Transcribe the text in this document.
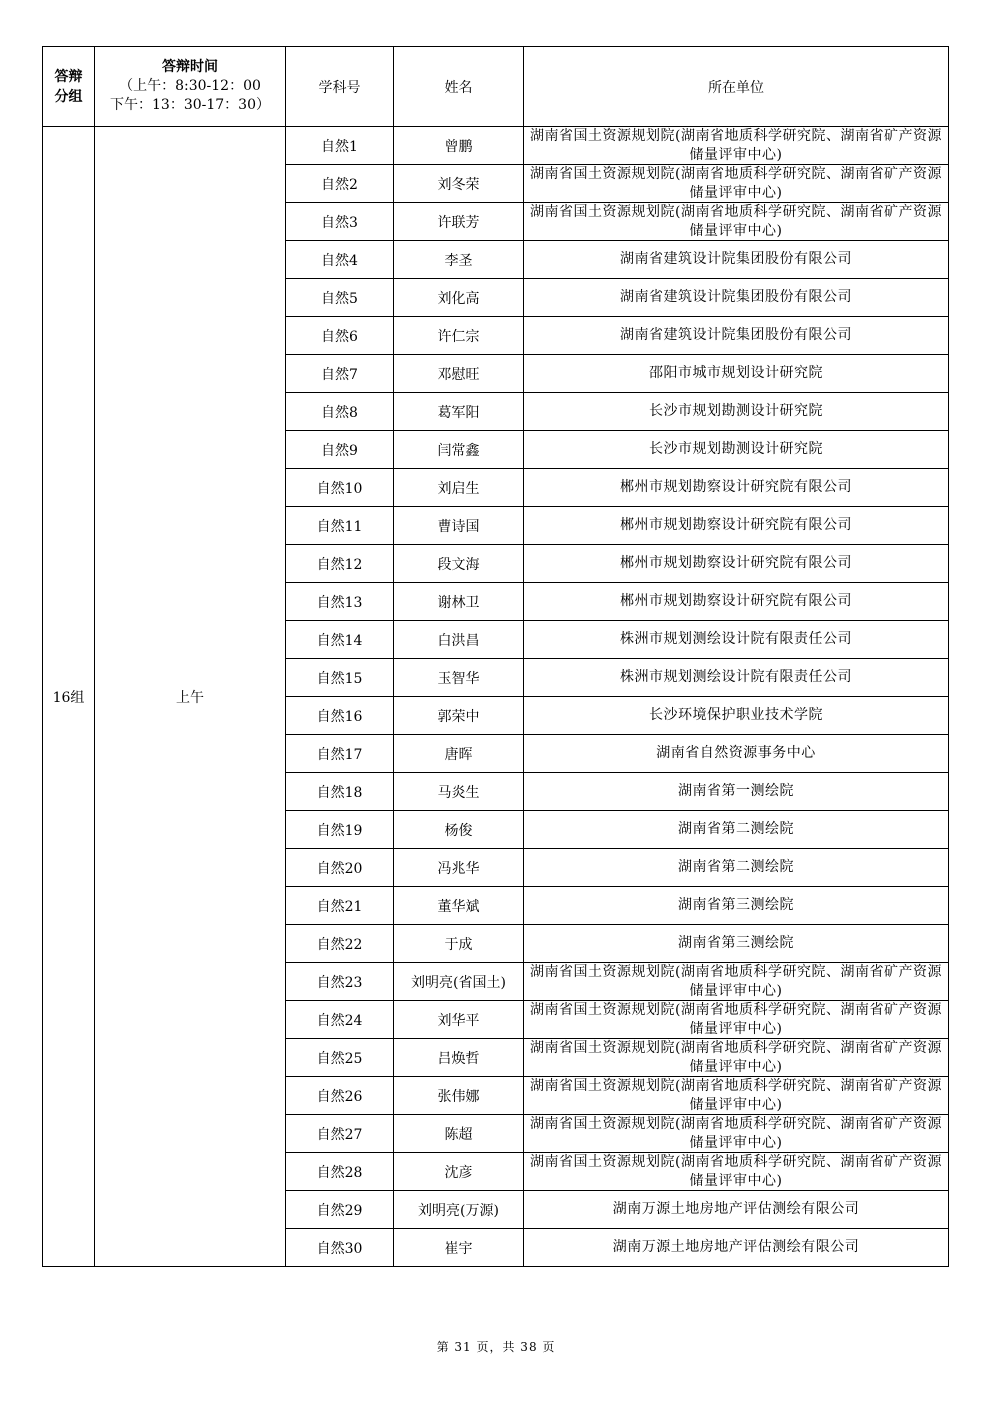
答辩
分组	答辩时间
（上午：8:30-12：00
下午：13：30-17：30）	学科号	姓名	所在单位
16组	上午	自然1	曾鹏	湖南省国土资源规划院(湖南省地质科学研究院、湖南省矿产资源储量评审中心)

		自然2	刘冬荣	湖南省国土资源规划院(湖南省地质科学研究院、湖南省矿产资源储量评审中心)

		自然3	许联芳	湖南省国土资源规划院(湖南省地质科学研究院、湖南省矿产资源储量评审中心)

		自然4	李圣	湖南省建筑设计院集团股份有限公司

		自然5	刘化高	湖南省建筑设计院集团股份有限公司

		自然6	许仁宗	湖南省建筑设计院集团股份有限公司

		自然7	邓慰旺	邵阳市城市规划设计研究院

		自然8	葛军阳	长沙市规划勘测设计研究院

		自然9	闫常鑫	长沙市规划勘测设计研究院

		自然10	刘启生	郴州市规划勘察设计研究院有限公司

		自然11	曹诗国	郴州市规划勘察设计研究院有限公司

		自然12	段文海	郴州市规划勘察设计研究院有限公司

		自然13	谢林卫	郴州市规划勘察设计研究院有限公司

		自然14	白洪昌	株洲市规划测绘设计院有限责任公司

		自然15	玉智华	株洲市规划测绘设计院有限责任公司

		自然16	郭荣中	长沙环境保护职业技术学院

		自然17	唐晖	湖南省自然资源事务中心

		自然18	马炎生	湖南省第一测绘院

		自然19	杨俊	湖南省第二测绘院

		自然20	冯兆华	湖南省第二测绘院

		自然21	董华斌	湖南省第三测绘院

		自然22	于成	湖南省第三测绘院

		自然23	刘明亮(省国土)	湖南省国土资源规划院(湖南省地质科学研究院、湖南省矿产资源储量评审中心)

		自然24	刘华平	湖南省国土资源规划院(湖南省地质科学研究院、湖南省矿产资源储量评审中心)

		自然25	吕焕哲	湖南省国土资源规划院(湖南省地质科学研究院、湖南省矿产资源储量评审中心)

		自然26	张伟娜	湖南省国土资源规划院(湖南省地质科学研究院、湖南省矿产资源储量评审中心)

		自然27	陈超	湖南省国土资源规划院(湖南省地质科学研究院、湖南省矿产资源储量评审中心)

		自然28	沈彦	湖南省国土资源规划院(湖南省地质科学研究院、湖南省矿产资源储量评审中心)

		自然29	刘明亮(万源)	湖南万源土地房地产评估测绘有限公司

		自然30	崔宇	湖南万源土地房地产评估测绘有限公司
第 31 页，共 38 页
